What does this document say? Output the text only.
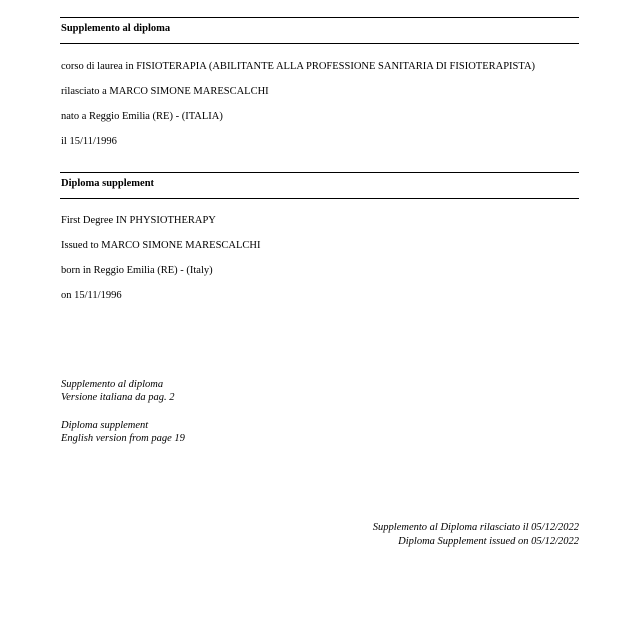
Supplemento al diploma
corso di laurea in FISIOTERAPIA (ABILITANTE ALLA PROFESSIONE SANITARIA DI FISIOTERAPISTA)
rilasciato a MARCO SIMONE MARESCALCHI
nato a Reggio Emilia (RE) - (ITALIA)
il 15/11/1996
Diploma supplement
First Degree IN PHYSIOTHERAPY
Issued to MARCO SIMONE MARESCALCHI
born in Reggio Emilia (RE) - (Italy)
on 15/11/1996
Supplemento al diploma
Versione italiana da pag. 2
Diploma supplement
English version from page 19
Supplemento al Diploma rilasciato il 05/12/2022
Diploma Supplement issued on 05/12/2022
